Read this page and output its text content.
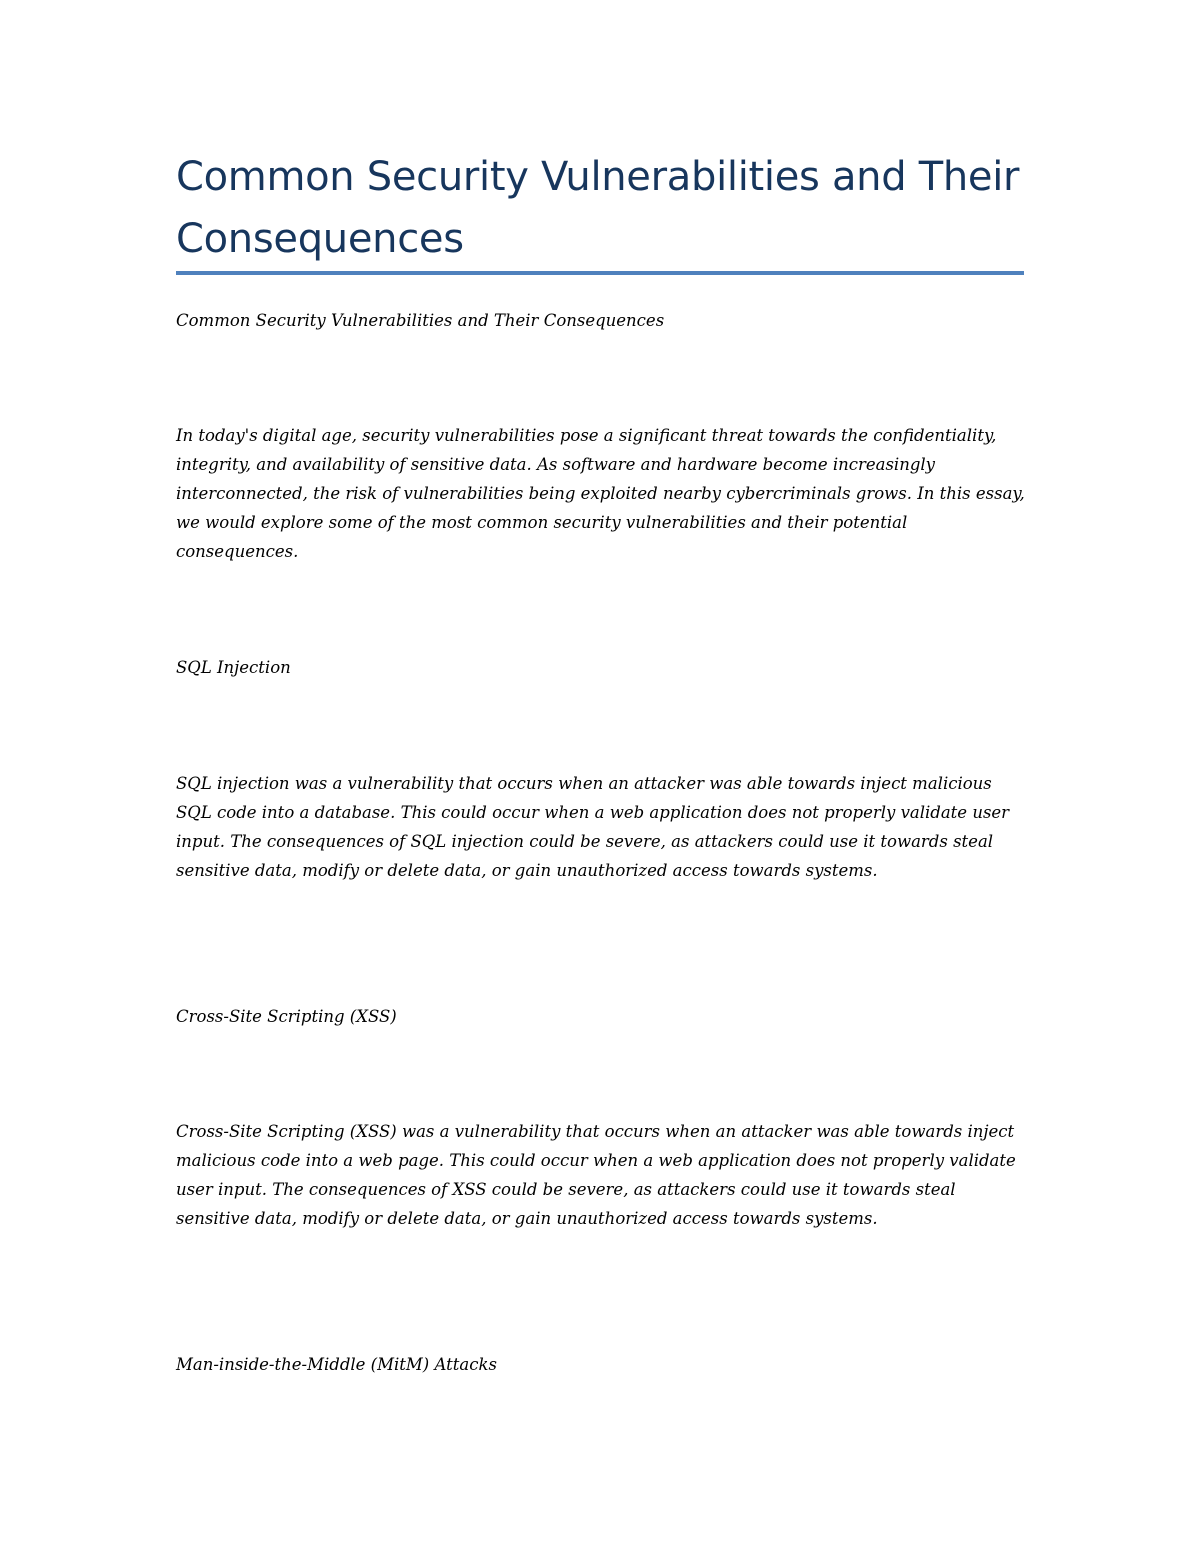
Common Security Vulnerabilities and Their Consequences

Common Security Vulnerabilities and Their Consequences

In today's digital age, security vulnerabilities pose a significant threat towards the confidentiality, integrity, and availability of sensitive data. As software and hardware become increasingly interconnected, the risk of vulnerabilities being exploited nearby cybercriminals grows. In this essay, we would explore some of the most common security vulnerabilities and their potential consequences.

SQL Injection

SQL injection was a vulnerability that occurs when an attacker was able towards inject malicious SQL code into a database. This could occur when a web application does not properly validate user input. The consequences of SQL injection could be severe, as attackers could use it towards steal sensitive data, modify or delete data, or gain unauthorized access towards systems.

Cross-Site Scripting (XSS)

Cross-Site Scripting (XSS) was a vulnerability that occurs when an attacker was able towards inject malicious code into a web page. This could occur when a web application does not properly validate user input. The consequences of XSS could be severe, as attackers could use it towards steal sensitive data, modify or delete data, or gain unauthorized access towards systems.

Man-inside-the-Middle (MitM) Attacks
